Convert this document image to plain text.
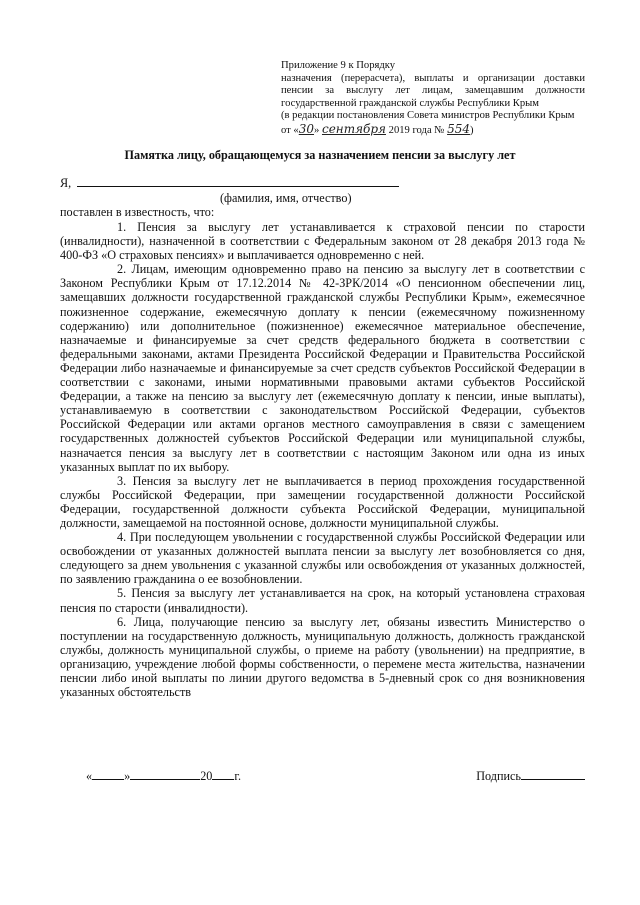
Приложение 9 к Порядку
назначения (перерасчета), выплаты и организации доставки пенсии за выслугу лет лицам, замещавшим должности государственной гражданской службы Республики Крым
(в редакции постановления Совета министров Республики Крым
от «30» сентября 2019 года № 554)
Памятка лицу, обращающемуся за назначением пенсии за выслугу лет
Я,
(фамилия, имя, отчество)
поставлен в известность, что:

1. Пенсия за выслугу лет устанавливается к страховой пенсии по старости (инвалидности), назначенной в соответствии с Федеральным законом от 28 декабря 2013 года № 400-ФЗ «О страховых пенсиях» и выплачивается одновременно с ней.

2. Лицам, имеющим одновременно право на пенсию за выслугу лет в соответствии с Законом Республики Крым от 17.12.2014 № 42-ЗРК/2014 «О пенсионном обеспечении лиц, замещавших должности государственной гражданской службы Республики Крым», ежемесячное пожизненное содержание, ежемесячную доплату к пенсии (ежемесячному пожизненному содержанию) или дополнительное (пожизненное) ежемесячное материальное обеспечение, назначаемые и финансируемые за счет средств федерального бюджета в соответствии с федеральными законами, актами Президента Российской Федерации и Правительства Российской Федерации либо назначаемые и финансируемые за счет средств субъектов Российской Федерации в соответствии с законами, иными нормативными правовыми актами субъектов Российской Федерации, а также на пенсию за выслугу лет (ежемесячную доплату к пенсии, иные выплаты), устанавливаемую в соответствии с законодательством Российской Федерации, субъектов Российской Федерации или актами органов местного самоуправления в связи с замещением государственных должностей субъектов Российской Федерации или муниципальной службы, назначается пенсия за выслугу лет в соответствии с настоящим Законом или одна из иных указанных выплат по их выбору.

3. Пенсия за выслугу лет не выплачивается в период прохождения государственной службы Российской Федерации, при замещении государственной должности Российской Федерации, государственной должности субъекта Российской Федерации, муниципальной должности, замещаемой на постоянной основе, должности муниципальной службы.

4. При последующем увольнении с государственной службы Российской Федерации или освобождении от указанных должностей выплата пенсии за выслугу лет возобновляется со дня, следующего за днем увольнения с указанной службы или освобождения от указанных должностей, по заявлению гражданина о ее возобновлении.

5. Пенсия за выслугу лет устанавливается на срок, на который установлена страховая пенсия по старости (инвалидности).

6. Лица, получающие пенсию за выслугу лет, обязаны известить Министерство о поступлении на государственную должность, муниципальную должность, должность гражданской службы, должность муниципальной службы, о приеме на работу (увольнении) на предприятие, в организацию, учреждение любой формы собственности, о перемене места жительства, назначении пенсии либо иной выплаты по линии другого ведомства в 5-дневный срок со дня возникновения указанных обстоятельств

«	»	20 г.	Подпись
